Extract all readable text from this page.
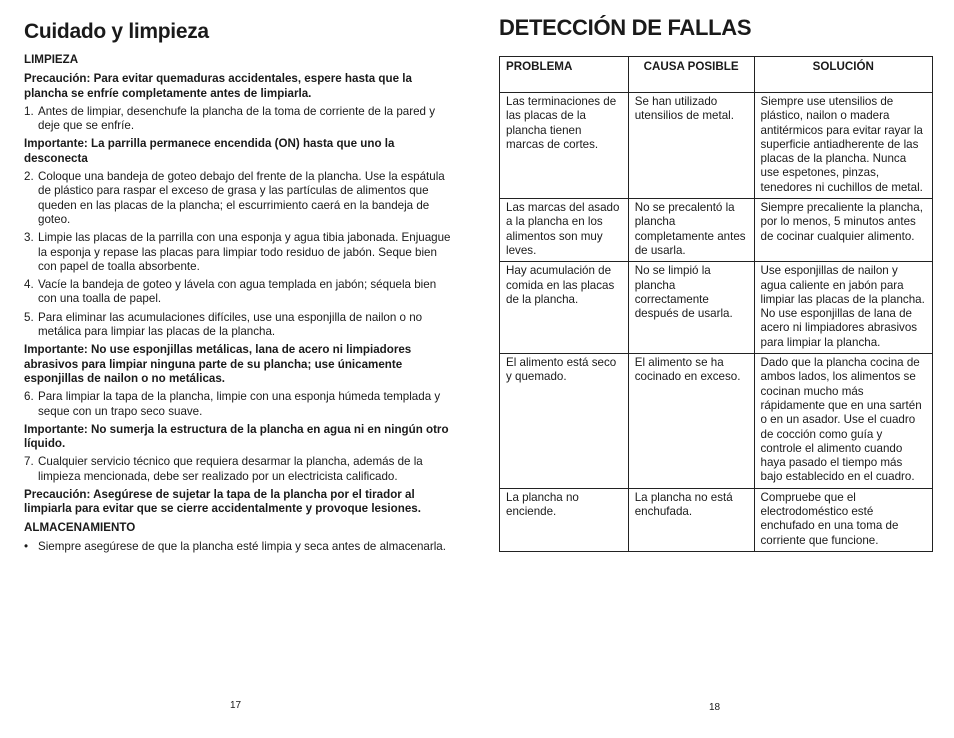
Cuidado y limpieza

LIMPIEZA

Precaución: Para evitar quemaduras accidentales, espere hasta que la plancha se enfríe completamente antes de limpiarla.

1. Antes de limpiar, desenchufe la plancha de la toma de corriente de la pared y deje que se enfríe.

Importante: La parrilla permanece encendida (ON) hasta que uno la desconecta

2. Coloque una bandeja de goteo debajo del frente de la plancha. Use la espátula de plástico para raspar el exceso de grasa y las partículas de alimentos que queden en las placas de la plancha; el escurrimiento caerá en la bandeja de goteo.
3. Limpie las placas de la parrilla con una esponja y agua tibia jabonada. Enjuague la esponja y repase las placas para limpiar todo residuo de jabón. Seque bien con papel de toalla absorbente.
4. Vacíe la bandeja de goteo y lávela con agua templada en jabón; séquela bien con una toalla de papel.
5. Para eliminar las acumulaciones difíciles, use una esponjilla de nailon o no metálica para limpiar las placas de la plancha.

Importante: No use esponjillas metálicas, lana de acero ni limpiadores abrasivos para limpiar ninguna parte de su plancha; use únicamente esponjillas de nailon o no metálicas.

6. Para limpiar la tapa de la plancha, limpie con una esponja húmeda templada y seque con un trapo seco suave.

Importante: No sumerja la estructura de la plancha en agua ni en ningún otro líquido.

7. Cualquier servicio técnico que requiera desarmar la plancha, además de la limpieza mencionada, debe ser realizado por un electricista calificado.

Precaución: Asegúrese de sujetar la tapa de la plancha por el tirador al limpiarla para evitar que se cierre accidentalmente y provoque lesiones.

ALMACENAMIENTO

• Siempre asegúrese de que la plancha esté limpia y seca antes de almacenarla.
17
DETECCIÓN DE FALLAS
PROBLEMA	CAUSA POSIBLE	SOLUCIÓN
Las terminaciones de las placas de la plancha tienen marcas de cortes.	Se han utilizado utensilios de metal.	Siempre use utensilios de plástico, nailon o madera antitérmicos para evitar rayar la superficie antiadherente de las placas de la plancha. Nunca use espetones, pinzas, tenedores ni cuchillos de metal.
Las marcas del asado a la plancha en los alimentos son muy leves.	No se precalentó la plancha completamente antes de usarla.	Siempre precaliente la plancha, por lo menos, 5 minutos antes de cocinar cualquier alimento.
Hay acumulación de comida en las placas de la plancha.	No se limpió la plancha correctamente después de usarla.	Use esponjillas de nailon y agua caliente en jabón para limpiar las placas de la plancha. No use esponjillas de lana de acero ni limpiadores abrasivos para limpiar la plancha.
El alimento está seco y quemado.	El alimento se ha cocinado en exceso.	Dado que la plancha cocina de ambos lados, los alimentos se cocinan mucho más rápidamente que en una sartén o en un asador. Use el cuadro de cocción como guía y controle el alimento cuando haya pasado el tiempo más bajo establecido en el cuadro.
La plancha no enciende.	La plancha no está enchufada.	Compruebe que el electrodoméstico esté enchufado en una toma de corriente que funcione.
18
